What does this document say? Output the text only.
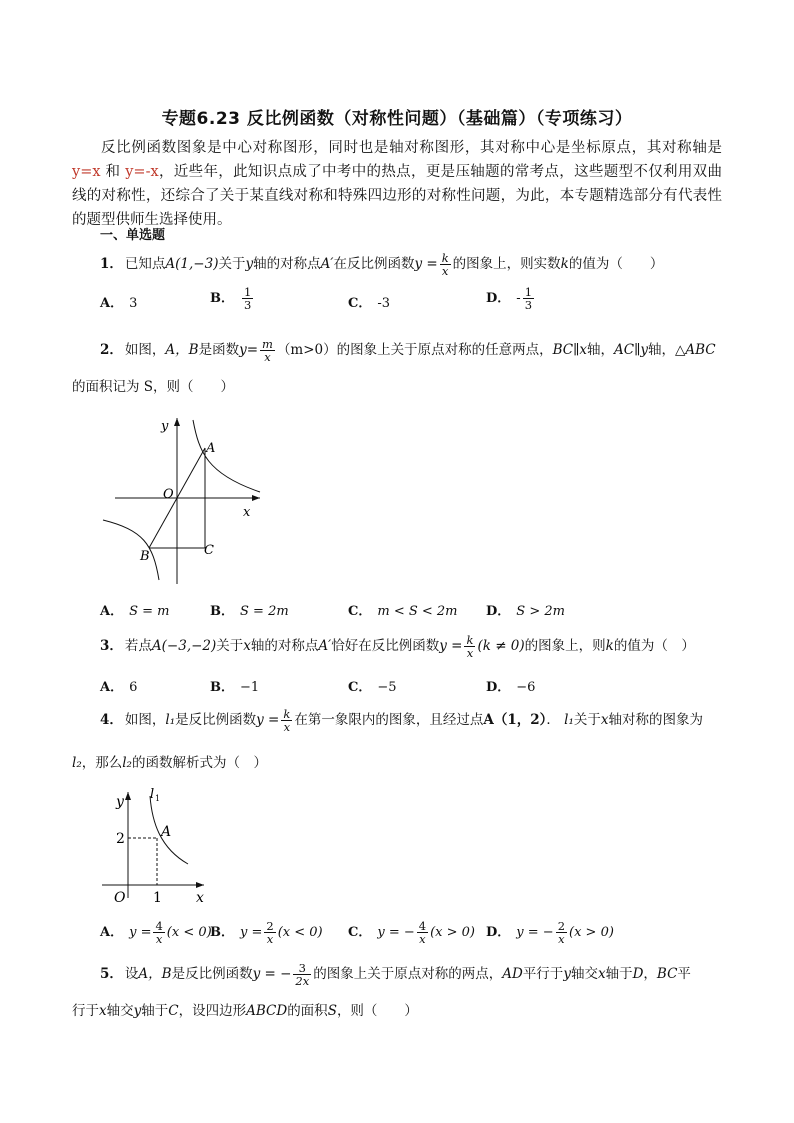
专题6.23 反比例函数（对称性问题）（基础篇）（专项练习）
反比例函数图象是中心对称图形，同时也是轴对称图形，其对称中心是坐标原点，其对称轴是 y=x 和 y=-x，近些年，此知识点成了中考中的热点，更是压轴题的常考点，这些题型不仅利用双曲线的对称性，还综合了关于某直线对称和特殊四边形的对称性问题，为此，本专题精选部分有代表性的题型供师生选择使用。
一、单选题
1． 已知点A(1,−3)关于y轴的对称点A′在反比例函数$y = \frac{k}{x}$ 的图象上，则实数k的值为（　　）
A． 3	B． $\frac{1}{3}$	C． -3	D． - $\frac{1}{3}$
2． 如图，A，B是函数$y= \frac{m}{x} (m>0)$的图象上关于原点对称的任意两点，BC∥x轴，AC∥y轴，△ABC
的面积记为 S，则（　　）
y
x
O
A
B	C
A． S = m	B． S = 2m	C． m < S < 2m D． S > 2m
3． 若点A(−3,−2)关于x轴的对称点A′恰好在反比例函数$y = \frac{k}{x} (k \ne 0)$的图象上，则k的值为（　）
A． 6	B． −1	C． −5	D． −6
4． 如图，l₁是反比例函数$y = \frac{k}{x}$ 在第一象限内的图象，且经过点A（1，2）． l₁关于x轴对称的图象为
l₂，那么l₂的函数解析式为（　）
y
x
O
l 1
2
1
A
A． $y = \frac{4}{x} (x < 0)$
B． $y = \frac{2}{x} (x < 0)$ C． y = − $\frac{4}{x} (x > 0)$ D． y = − $\frac{2}{x} (x > 0)$
5． 设A，B是反比例函数y = − $\frac{3}{2x}$ 的图象上关于原点对称的两点，AD平行于y轴交x轴于D，BC平
行于x轴交y轴于C，设四边形ABCD的面积S，则（　　）
